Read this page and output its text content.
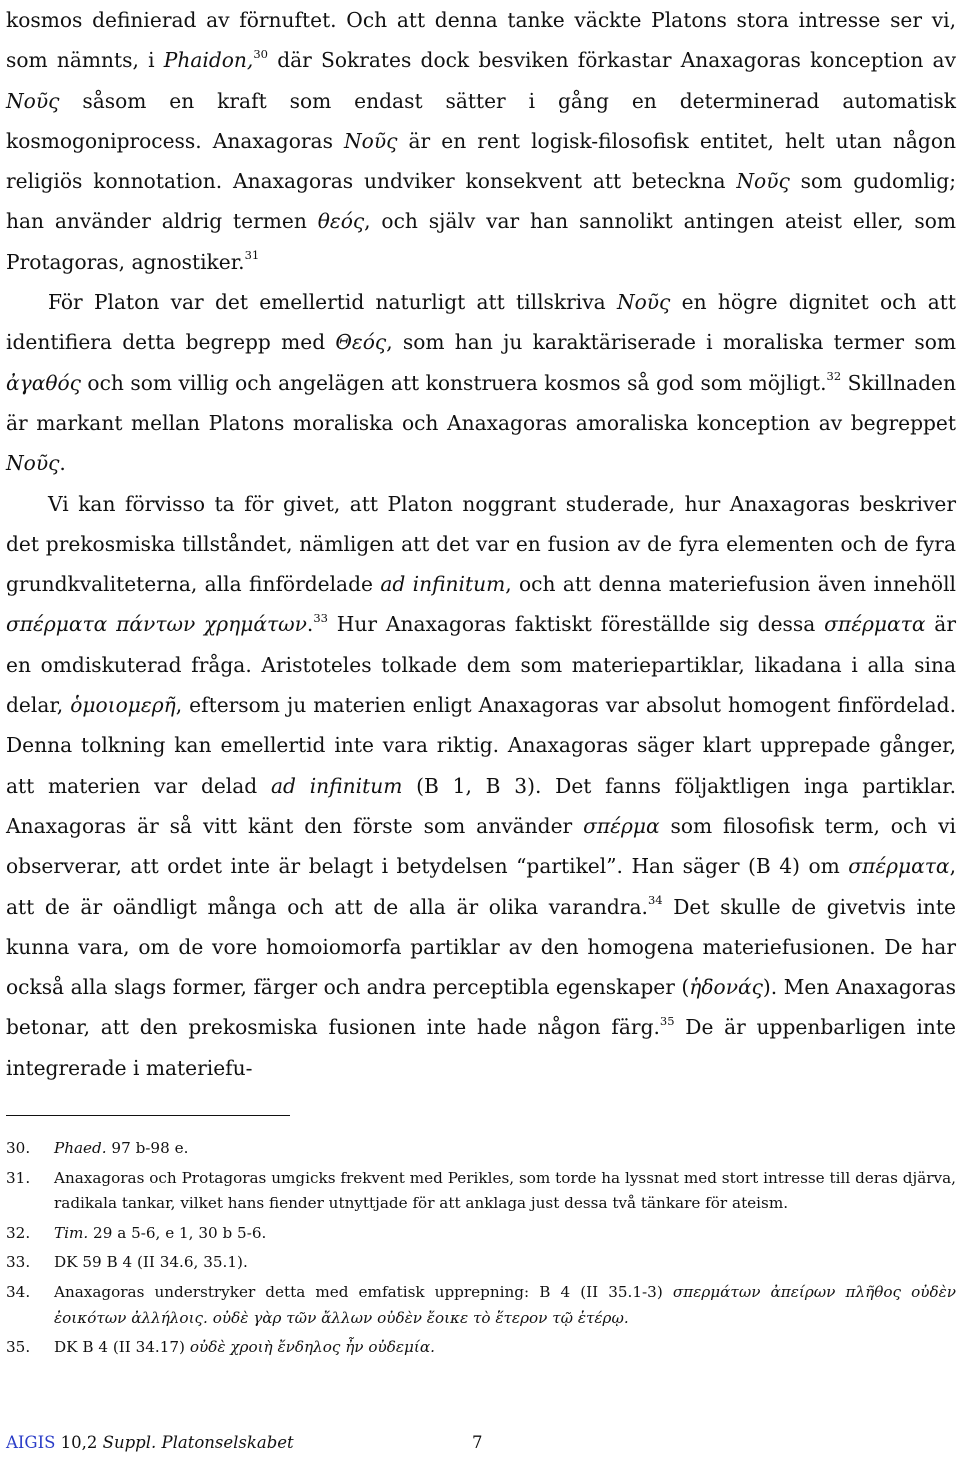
kosmos definierad av förnuftet. Och att denna tanke väckte Platons stora intresse ser vi, som nämnts, i Phaidon,$^{30}$ där Sokrates dock besviken förkastar Anaxagoras konception av Νοῦς såsom en kraft som endast sätter i gång en determinerad automatisk kosmogoniprocess. Anaxagoras Νοῦς är en rent logisk-filosofisk entitet, helt utan någon religiös konnotation. Anaxagoras undviker konsekvent att beteckna Νοῦς som gudomlig; han använder aldrig termen θεός, och själv var han sannolikt antingen ateist eller, som Protagoras, agnostiker.$^{31}$

För Platon var det emellertid naturligt att tillskriva Νοῦς en högre dignitet och att identifiera detta begrepp med Θεός, som han ju karaktäriserade i moraliska termer som ἀγαθός och som villig och angelägen att konstruera kosmos så god som möjligt.$^{32}$ Skillnaden är markant mellan Platons moraliska och Anaxagoras amoraliska konception av begreppet Νοῦς.

Vi kan förvisso ta för givet, att Platon noggrant studerade, hur Anaxagoras beskriver det prekosmiska tillståndet, nämligen att det var en fusion av de fyra elementen och de fyra grundkvaliteterna, alla finfördelade ad infinitum, och att denna materiefusion även innehöll σπέρματα πάντων χρημάτων.$^{33}$ Hur Anaxagoras faktiskt föreställde sig dessa σπέρματα är en omdiskuterad fråga. Aristoteles tolkade dem som materiepartiklar, likadana i alla sina delar, ὁμοιομερῆ, eftersom ju materien enligt Anaxagoras var absolut homogent finfördelad. Denna tolkning kan emellertid inte vara riktig. Anaxagoras säger klart upprepade gånger, att materien var delad ad infinitum (B 1, B 3). Det fanns följaktligen inga partiklar. Anaxagoras är så vitt känt den förste som använder σπέρμα som filosofisk term, och vi observerar, att ordet inte är belagt i betydelsen “partikel”. Han säger (B 4) om σπέρματα, att de är oändligt många och att de alla är olika varandra.$^{34}$ Det skulle de givetvis inte kunna vara, om de vore homoiomorfa partiklar av den homogena materiefusionen. De har också alla slags former, färger och andra perceptibla egenskaper (ἡδονάς). Men Anaxagoras betonar, att den prekosmiska fusionen inte hade någon färg.$^{35}$ De är uppenbarligen inte integrerade i materiefu-

30.	Phaed. 97 b-98 e.
31.	Anaxagoras och Protagoras umgicks frekvent med Perikles, som torde ha lyssnat med stort intresse till deras djärva, radikala tankar, vilket hans fiender utnyttjade för att anklaga just dessa två tänkare för ateism.
32.	Tim. 29 a 5-6, e 1, 30 b 5-6.
33.	DK 59 B 4 (II 34.6, 35.1).
34.	Anaxagoras understryker detta med emfatisk upprepning: B 4 (II 35.1-3) σπερμάτων ἀπείρων πλῆθος οὐδὲν ἐοικότων ἀλλήλοις. οὐδὲ γὰρ τῶν ἄλλων οὐδὲν ἔοικε τὸ ἕτερον τῷ ἑτέρῳ.
35.	DK B 4 (II 34.17) οὐδὲ χροιὴ ἔνδηλος ἦν οὐδεμία.
AIGIS 10,2 Suppl. Platonselskabet	7
